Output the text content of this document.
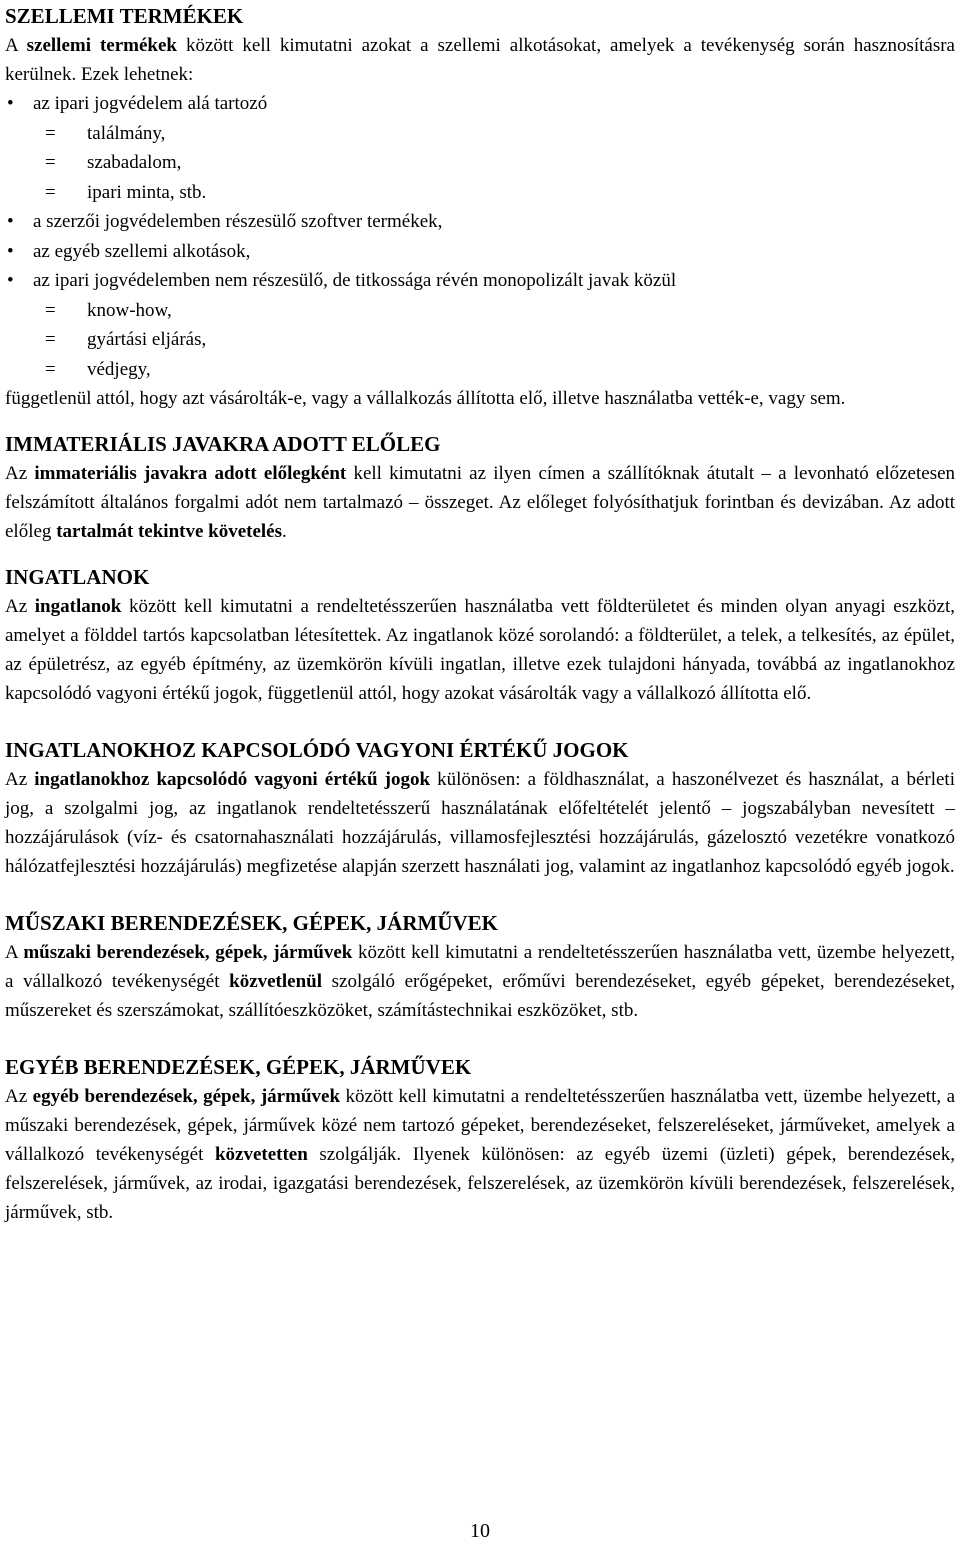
SZELLEMI TERMÉKEK

A szellemi termékek között kell kimutatni azokat a szellemi alkotásokat, amelyek a tevékenység során hasznosításra kerülnek. Ezek lehetnek:

• az ipari jogvédelem alá tartozó
= találmány,
= szabadalom,
= ipari minta, stb.
• a szerzői jogvédelemben részesülő szoftver termékek,
• az egyéb szellemi alkotások,
• az ipari jogvédelemben nem részesülő, de titkossága révén monopolizált javak közül
= know-how,
= gyártási eljárás,
= védjegy,

függetlenül attól, hogy azt vásárolták-e, vagy a vállalkozás állította elő, illetve használatba vették-e, vagy sem.

IMMATERIÁLIS JAVAKRA ADOTT ELŐLEG

Az immateriális javakra adott előlegként kell kimutatni az ilyen címen a szállítóknak átutalt – a levonható előzetesen felszámított általános forgalmi adót nem tartalmazó – összeget. Az előleget folyósíthatjuk forintban és devizában. Az adott előleg tartalmát tekintve követelés.

INGATLANOK

Az ingatlanok között kell kimutatni a rendeltetésszerűen használatba vett földterületet és minden olyan anyagi eszközt, amelyet a földdel tartós kapcsolatban létesítettek. Az ingatlanok közé sorolandó: a földterület, a telek, a telkesítés, az épület, az épületrész, az egyéb építmény, az üzemkörön kívüli ingatlan, illetve ezek tulajdoni hányada, továbbá az ingatlanokhoz kapcsolódó vagyoni értékű jogok, függetlenül attól, hogy azokat vásárolták vagy a vállalkozó állította elő.

INGATLANOKHOZ KAPCSOLÓDÓ VAGYONI ÉRTÉKŰ JOGOK

Az ingatlanokhoz kapcsolódó vagyoni értékű jogok különösen: a földhasználat, a haszonélvezet és használat, a bérleti jog, a szolgalmi jog, az ingatlanok rendeltetésszerű használatának előfeltételét jelentő – jogszabályban nevesített – hozzájárulások (víz- és csatornahasználati hozzájárulás, villamosfejlesztési hozzájárulás, gázelosztó vezetékre vonatkozó hálózatfejlesztési hozzájárulás) megfizetése alapján szerzett használati jog, valamint az ingatlanhoz kapcsolódó egyéb jogok.

MŰSZAKI BERENDEZÉSEK, GÉPEK, JÁRMŰVEK

A műszaki berendezések, gépek, járművek között kell kimutatni a rendeltetésszerűen használatba vett, üzembe helyezett, a vállalkozó tevékenységét közvetlenül szolgáló erőgépeket, erőművi berendezéseket, egyéb gépeket, berendezéseket, műszereket és szerszámokat, szállítóeszközöket, számítástechnikai eszközöket, stb.

EGYÉB BERENDEZÉSEK, GÉPEK, JÁRMŰVEK

Az egyéb berendezések, gépek, járművek között kell kimutatni a rendeltetésszerűen használatba vett, üzembe helyezett, a műszaki berendezések, gépek, járművek közé nem tartozó gépeket, berendezéseket, felszereléseket, járműveket, amelyek a vállalkozó tevékenységét közvetetten szolgálják. Ilyenek különösen: az egyéb üzemi (üzleti) gépek, berendezések, felszerelések, járművek, az irodai, igazgatási berendezések, felszerelések, az üzemkörön kívüli berendezések, felszerelések, járművek, stb.

10
